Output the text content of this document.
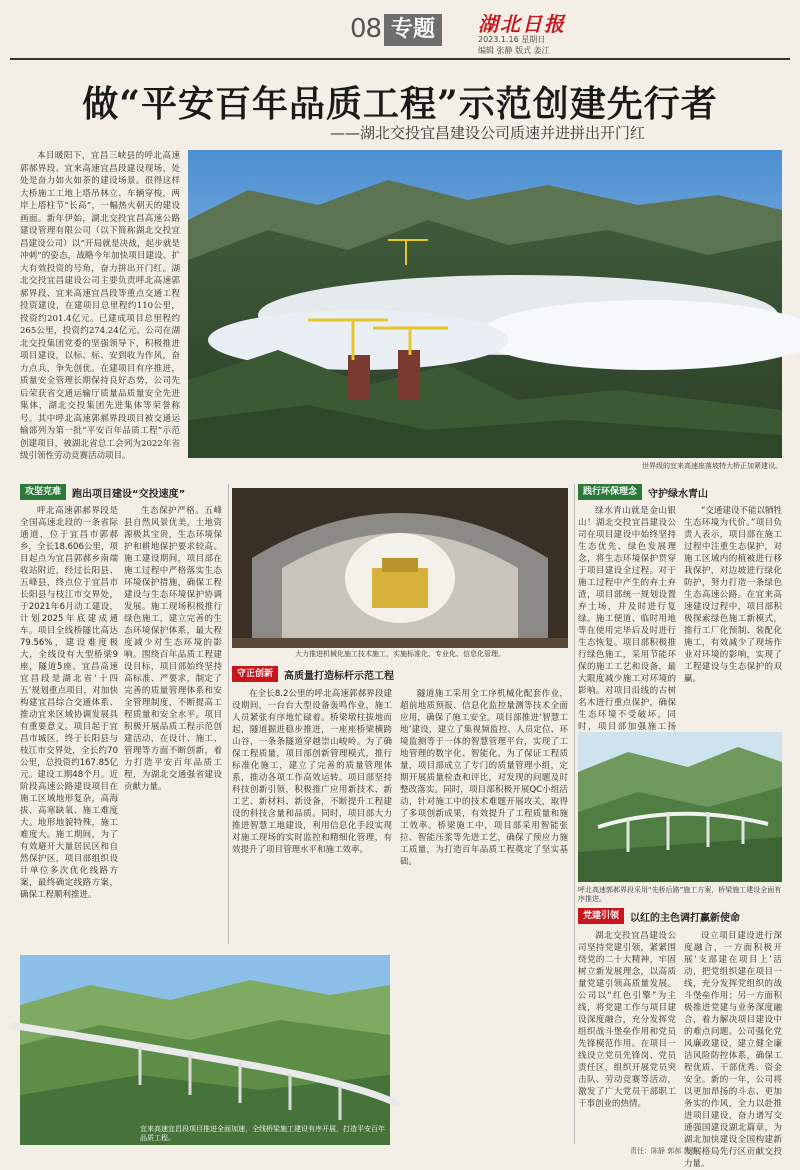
08 专题	湖北日报
2023.1.16 星期日
编辑 张静 版式 姜江
做“平安百年品质工程”示范创建先行者
——湖北交投宜昌建设公司质速并进拼出开门红

本目暖阳下，宜昌三峡县的呼北高速郭郝界段、宜来高速宜昌段建设现场，处处是奋力如火如荼的建设场景。很得这样大桥施工工地上塔吊林立、车辆穿梭，两岸上塔柱节“长高”，一幅热火朝天的建设画面。新年伊始，湖北交投宜昌高速公路建设管理有限公司（以下简称湖北交投宜昌建设公司）以“开局就是决战，起步就是冲刺”的姿态，战略今年加快项目建设、扩大有效投资的号角，奋力拼出开门红。湖北交投宜昌建设公司主要负责呼北高速郭郝界段、宜来高速宜昌段等重点交通工程投资建设，在建项目总里程约110公里，投资约201.4亿元。已建成项目总里程约265公里，投资约274.24亿元。公司在湖北交投集团党委的坚强领导下，积极推进项目建设，以标、标、安到收为作风，奋力点兵，争先创优。在建项目有序推进，质量安全管理长期保持良好态势，公司先后荣获省交通运输厅质量品质量安全先进集体，湖北交投集团先进集体等荣誉称号。其中呼北高速郭郝界段项目被交通运输部列为第一批“平安百年品质工程”示范创建项目，被湖北省总工会列为2022年省级引领性劳动竞赛活动项目。

世界级的宜来高速座落坡特大桥正加紧建设。
攻坚克难	跑出项目建设“交投速度”

呼北高速郭郝界段是全国高速北段的一条省际通道，位于宜昌市郭郝乡，全长18.606公里，项目起点为宜昌郭郝乡南端收站附近，经过长阳县、五峰县，终点位于宜昌市长阳县与枝江市交界处，于2021年6月动工建设，计划2025年底建成通车。项目全线桥隧比高达79.56%，建设难度极大，全线设有大型桥梁9座，隧道5座。宜昌高速宜昌段是湖北省‘十四五’规划重点项目，对加快构建宜昌综合交通体系、推动宜来区域协调发展具有重要意义。项目起于宜昌市城区，终于长阳县与枝江市交界处，全长约70公里，总投资约167.85亿元。建设工期48个月。近阶段高速公路建设项目在施工区域地形复杂，高海拔、高寒缺氧、施工难度大。地形地貌特殊，施工难度大。施工期间，为了有效避开大量居民区和自然保护区，项目部组织设计单位多次优化线路方案，最终确定线路方案，确保工程顺利推进。

生态保护严格。五峰县自然风景优美，土地资源极其宝贵，生态环境保护和耕地保护要求较高。施工建设期间，项目部在施工过程中严格落实生态环境保护措施，确保工程建设与生态环境保护协调发展。施工现场积极推行绿色施工，建立完善的生态环境保护体系，最大程度减少对生态环境的影响。围绕百年品质工程建设目标，项目部始终坚持高标准、严要求，制定了完善的质量管理体系和安全管理制度，不断提高工程质量和安全水平。项目积极开展品质工程示范创建活动，在设计、施工、管理等方面不断创新，着力打造平安百年品质工程，为湖北交通强省建设贡献力量。

大力推进机械化施工技术施工，实施标准化、专业化、信息化管理。
守正创新	高质量打造标杆示范工程

在全长8.2公里的呼北高速郭郝界段建设期间，一台台大型设备轰鸣作业，施工人员紧张有序地忙碌着。桥梁墩柱拔地而起，隧道掘进稳步推进，一座座桥梁横跨山谷，一条条隧道穿越崇山峻岭。为了确保工程质量，项目部创新管理模式，推行标准化施工，建立了完善的质量管理体系，推动各项工作高效运转。项目部坚持科技创新引领，积极推广应用新技术、新工艺、新材料、新设备，不断提升工程建设的科技含量和品质。同时，项目部大力推进智慧工地建设，利用信息化手段实现对施工现场的实时监控和精细化管理，有效提升了项目管理水平和施工效率。

隧道施工采用全工序机械化配套作业，超前地质预报、信息化监控量测等技术全面应用，确保了施工安全。项目部推进‘智慧工地’建设，建立了集视频监控、人员定位、环境监测等于一体的智慧管理平台，实现了工地管理的数字化、智能化。为了保证工程质量，项目部成立了专门的质量管理小组，定期开展质量检查和评比，对发现的问题及时整改落实。同时，项目部积极开展QC小组活动，针对施工中的技术难题开展攻关，取得了多项创新成果，有效提升了工程质量和施工效率。桥梁施工中，项目部采用智能张拉、智能压浆等先进工艺，确保了预应力施工质量，为打造百年品质工程奠定了坚实基础。

践行环保理念	守护绿水青山

绿水青山就是金山银山！湖北交投宜昌建设公司在项目建设中始终坚持生态优先、绿色发展理念，将生态环境保护贯穿于项目建设全过程。对于施工过程中产生的弃土弃渣，项目部统一规划设置弃土场，并及时进行复绿。施工便道、临时用地等在使用完毕后及时进行生态恢复。项目部积极推行绿色施工，采用节能环保的施工工艺和设备，最大限度减少施工对环境的影响。对项目沿线的古树名木进行重点保护，确保生态环境不受破坏。同时，项目部加强施工扬

“交通建设不能以牺牲生态环境为代价。”项目负责人表示，项目部在施工过程中注重生态保护，对施工区域内的植被进行移栽保护，对边坡进行绿化防护，努力打造一条绿色生态高速公路。在宜来高速建设过程中，项目部积极探索绿色施工新模式，推行工厂化预制、装配化施工，有效减少了现场作业对环境的影响，实现了工程建设与生态保护的双赢。

呼北高速郭郝界段采用“先桥后路”施工方案，桥梁施工建设全面有序推进。
党建引领	以红的主色调打赢新使命

湖北交投宜昌建设公司坚持党建引领，紧紧围绕党的二十大精神，牢固树立新发展理念，以高质量党建引领高质量发展。公司以“红色引擎”为主线，将党建工作与项目建设深度融合，充分发挥党组织战斗堡垒作用和党员先锋模范作用。在项目一线设立党员先锋岗、党员责任区，组织开展党员突击队、劳动竞赛等活动，激发了广大党员干部职工干事创业的热情。

设立项目建设进行深度融合，一方面积极开展‘支部建在项目上’活动，把党组织建在项目一线，充分发挥党组织的战斗堡垒作用；另一方面积极推进党建与业务深度融合，着力解决项目建设中的难点问题。公司强化党风廉政建设，建立健全廉洁风险防控体系，确保工程优质、干部优秀、资金安全。新的一年，公司将以更加昂扬的斗志、更加务实的作风，全力以赴推进项目建设，奋力谱写交通强国建设湖北篇章，为湖北加快建设全国构建新发展格局先行区贡献交投力量。

宜来高速宜昌段项目推进全面加速，全线桥梁施工建设有序开展，打造平安百年品质工程。
责任：陈静 郭郝 许静
